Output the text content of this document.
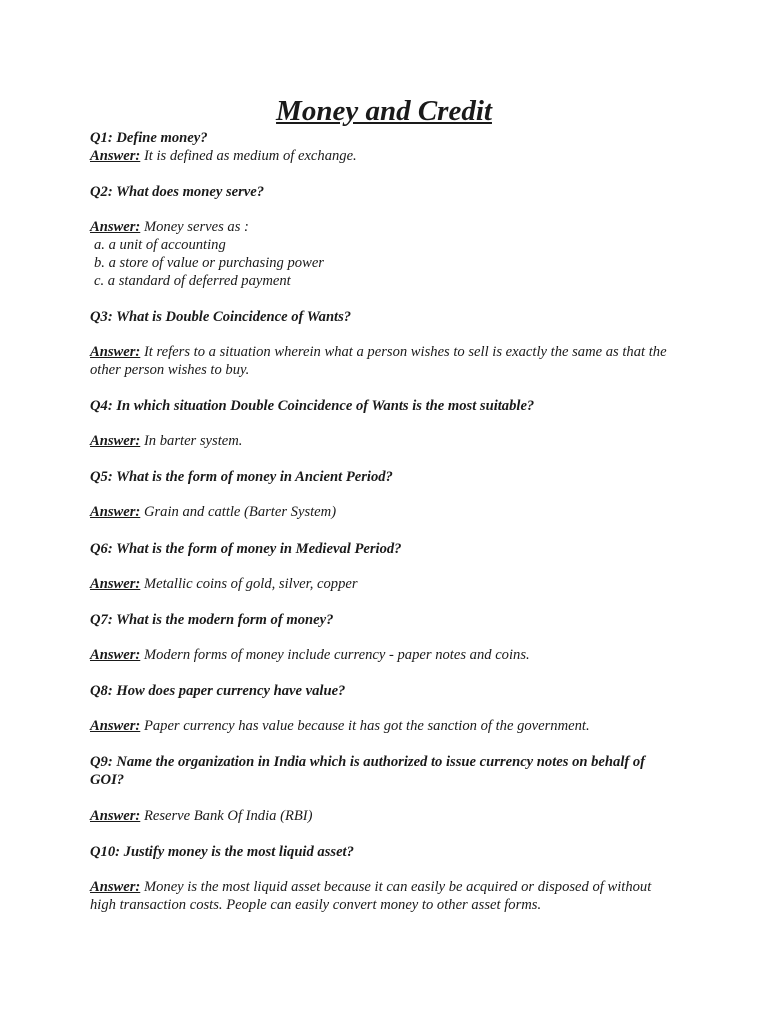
Money and Credit
Q1: Define money?
Answer: It is defined as medium of exchange.
Q2: What does money serve?
Answer: Money serves as :
a. a unit of accounting
b. a store of value or purchasing power
c. a standard of deferred payment
Q3: What is Double Coincidence of Wants?
Answer: It refers to a situation wherein what a person wishes to sell is exactly the same as that the other person wishes to buy.
Q4: In which situation Double Coincidence of Wants is the most suitable?
Answer: In barter system.
Q5: What is the form of money in Ancient Period?
Answer: Grain and cattle (Barter System)
Q6: What is the form of money in Medieval Period?
Answer: Metallic coins of gold, silver, copper
Q7: What is the modern form of money?
Answer: Modern forms of money include currency - paper notes and coins.
Q8: How does paper currency have value?
Answer: Paper currency has value because it has got the sanction of the government.
Q9: Name the organization in India which is authorized to issue currency notes on behalf of GOI?
Answer: Reserve Bank Of India (RBI)
Q10: Justify money is the most liquid asset?
Answer: Money is the most liquid asset because it can easily be acquired or disposed of without high transaction costs. People can easily convert money to other asset forms.
